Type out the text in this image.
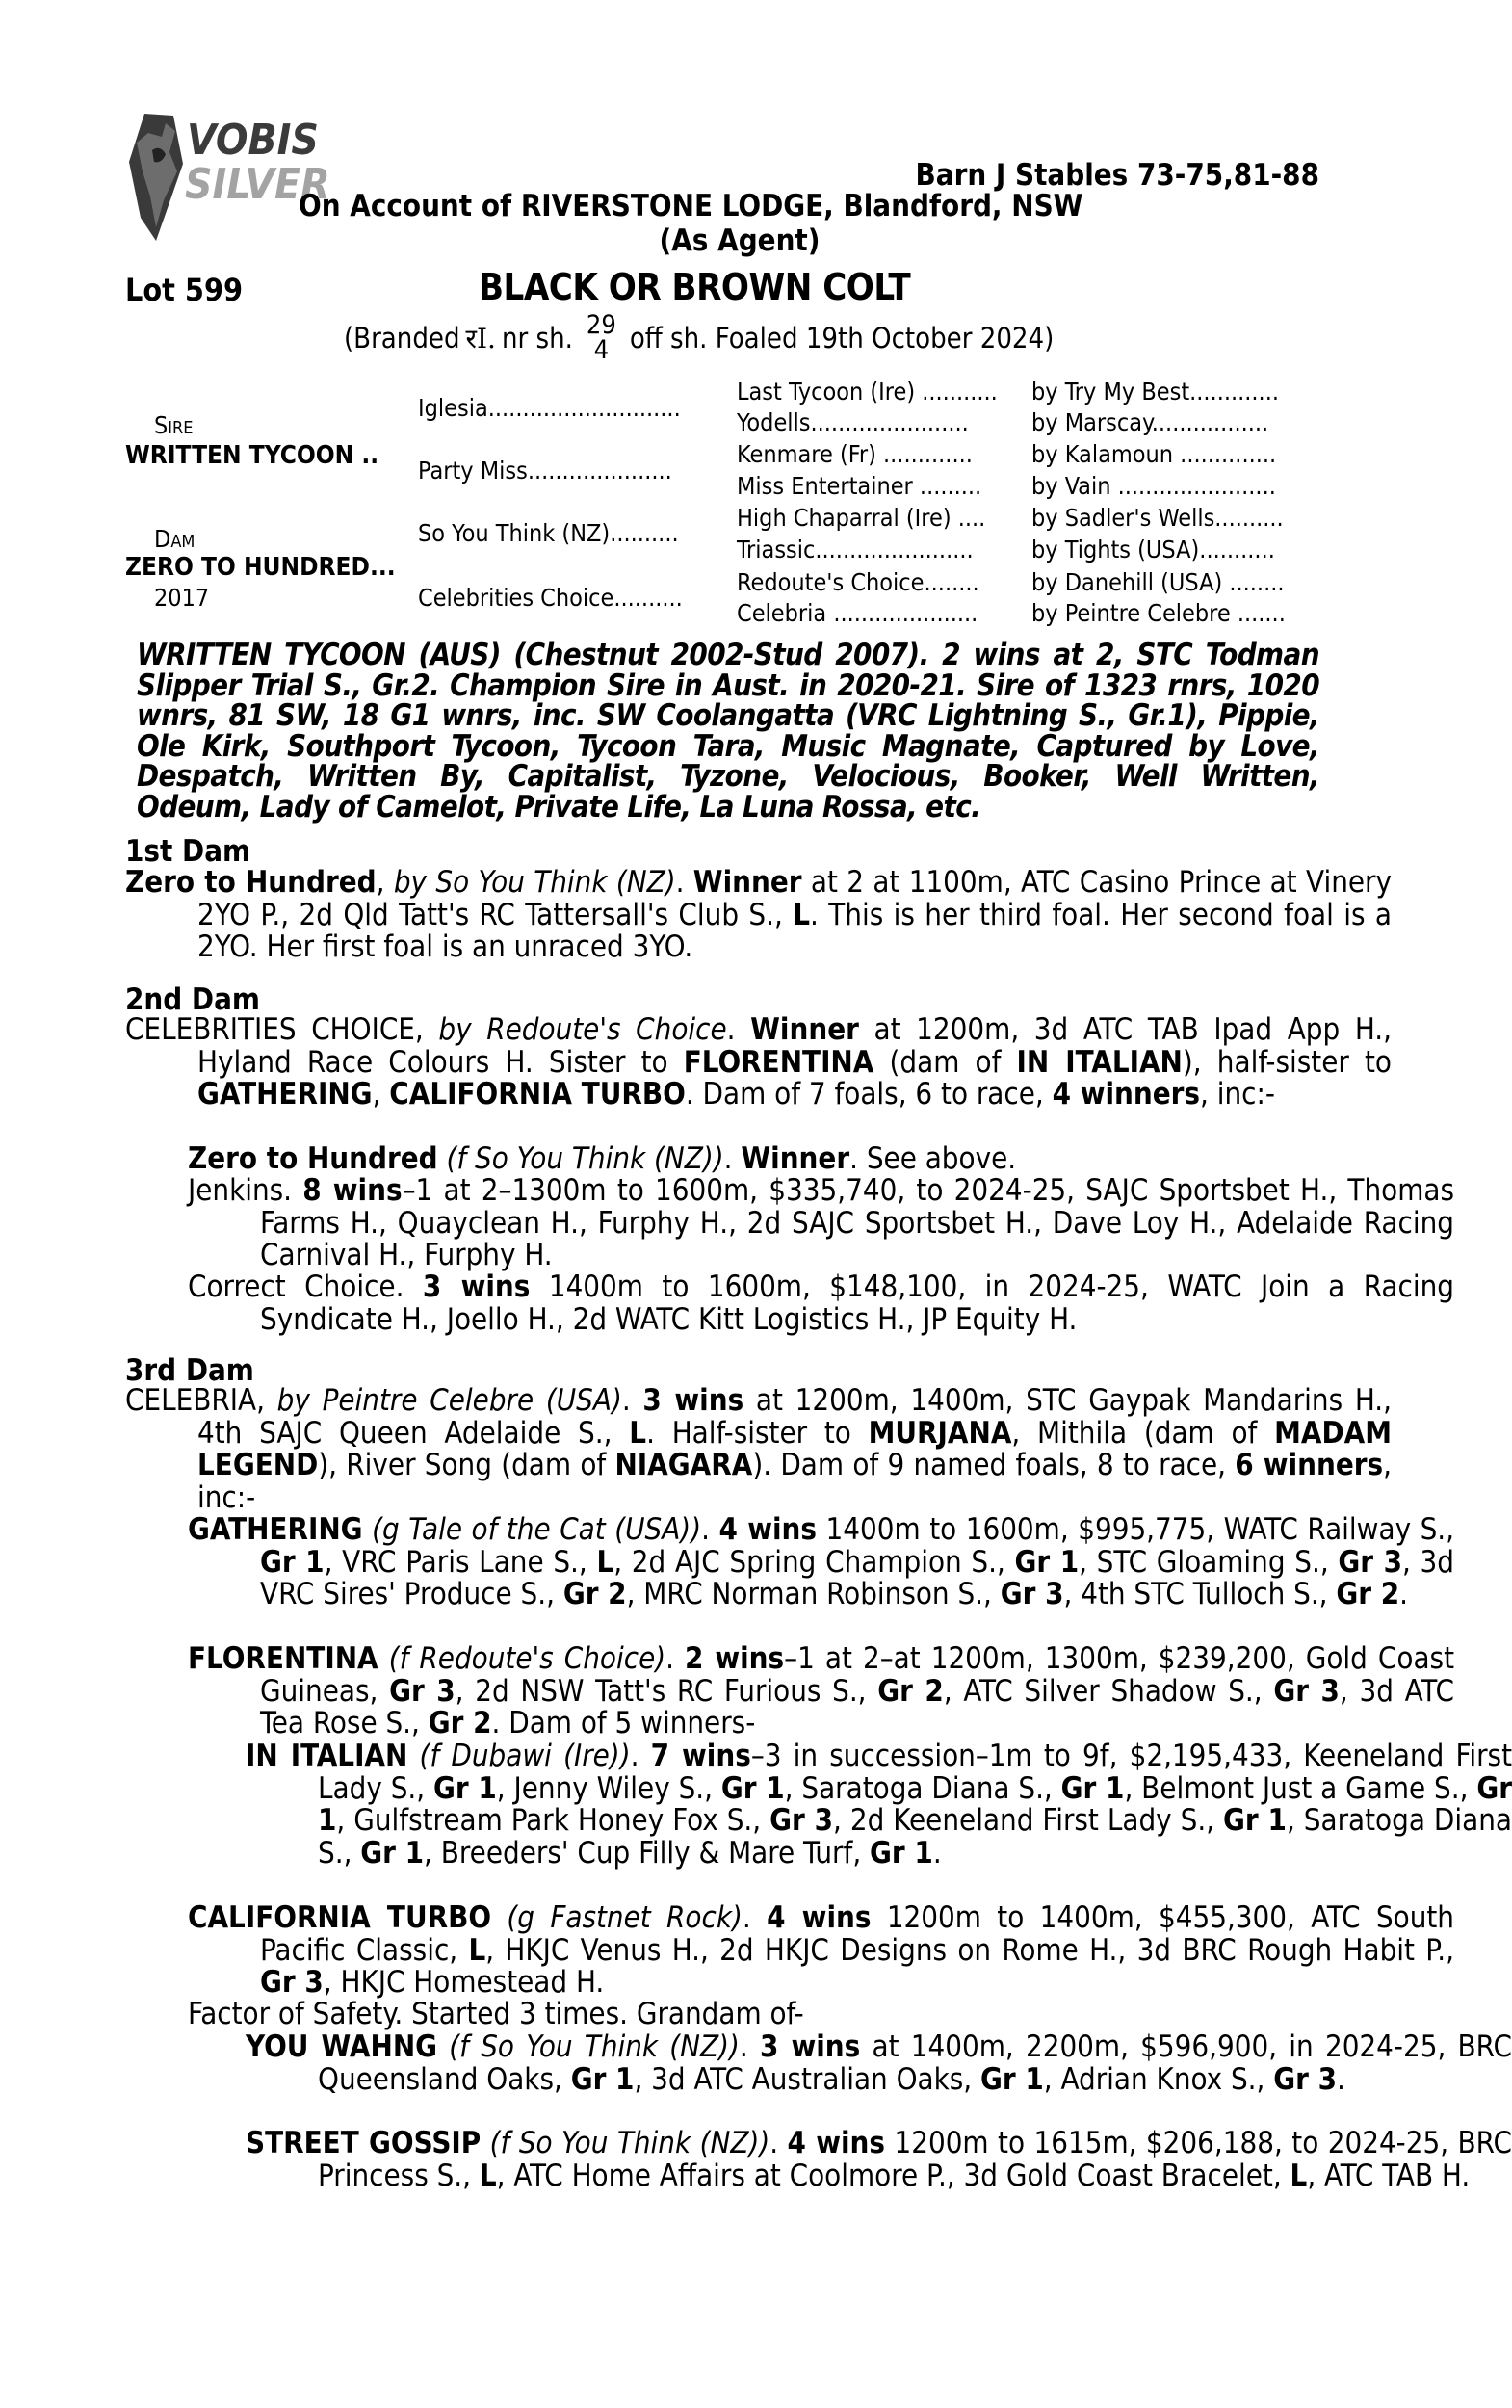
VOBIS
SILVER	Barn J Stables 73-75,81-88
On Account of RIVERSTONE LODGE, Blandford, NSW
(As Agent)
Lot 599	BLACK OR BROWN COLT
(Branded रI. nr sh. 29
4 off sh. Foaled 19th October 2024)
Sire
WRITTEN TYCOON ..
Dam
ZERO TO HUNDRED...
2017
Iglesia............................
Party Miss.....................
So You Think (NZ)..........
Celebrities Choice..........
Last Tycoon (Ire) ...........
Yodells.......................
Kenmare (Fr) .............
Miss Entertainer .........
High Chaparral (Ire) ....
Triassic.......................
Redoute's Choice........
Celebria .....................
by Try My Best.............
by Marscay.................
by Kalamoun ..............
by Vain .......................
by Sadler's Wells..........
by Tights (USA)...........
by Danehill (USA) ........
by Peintre Celebre .......
WRITTEN TYCOON (AUS) (Chestnut 2002-Stud 2007). 2 wins at 2, STC Todman Slipper Trial S., Gr.2. Champion Sire in Aust. in 2020-21. Sire of 1323 rnrs, 1020 wnrs, 81 SW, 18 G1 wnrs, inc. SW Coolangatta (VRC Lightning S., Gr.1), Pippie, Ole Kirk, Southport Tycoon, Tycoon Tara, Music Magnate, Captured by Love, Despatch, Written By, Capitalist, Tyzone, Velocious, Booker, Well Written, Odeum, Lady of Camelot, Private Life, La Luna Rossa, etc.
1st Dam
Zero to Hundred, by So You Think (NZ). Winner at 2 at 1100m, ATC Casino Prince at Vinery 2YO P., 2d Qld Tatt's RC Tattersall's Club S., L. This is her third foal. Her second foal is a 2YO. Her first foal is an unraced 3YO.
2nd Dam
CELEBRITIES CHOICE, by Redoute's Choice. Winner at 1200m, 3d ATC TAB Ipad App H., Hyland Race Colours H. Sister to FLORENTINA (dam of IN ITALIAN), half-sister to GATHERING, CALIFORNIA TURBO. Dam of 7 foals, 6 to race, 4 winners, inc:-
Zero to Hundred (f So You Think (NZ)). Winner. See above.
Jenkins. 8 wins–1 at 2–1300m to 1600m, $335,740, to 2024-25, SAJC Sportsbet H., Thomas Farms H., Quayclean H., Furphy H., 2d SAJC Sportsbet H., Dave Loy H., Adelaide Racing Carnival H., Furphy H.
Correct Choice. 3 wins 1400m to 1600m, $148,100, in 2024-25, WATC Join a Racing Syndicate H., Joello H., 2d WATC Kitt Logistics H., JP Equity H.
3rd Dam
CELEBRIA, by Peintre Celebre (USA). 3 wins at 1200m, 1400m, STC Gaypak Mandarins H., 4th SAJC Queen Adelaide S., L. Half-sister to MURJANA, Mithila (dam of MADAM LEGEND), River Song (dam of NIAGARA). Dam of 9 named foals, 8 to race, 6 winners, inc:-
GATHERING (g Tale of the Cat (USA)). 4 wins 1400m to 1600m, $995,775, WATC Railway S., Gr 1, VRC Paris Lane S., L, 2d AJC Spring Champion S., Gr 1, STC Gloaming S., Gr 3, 3d VRC Sires' Produce S., Gr 2, MRC Norman Robinson S., Gr 3, 4th STC Tulloch S., Gr 2.
FLORENTINA (f Redoute's Choice). 2 wins–1 at 2–at 1200m, 1300m, $239,200, Gold Coast Guineas, Gr 3, 2d NSW Tatt's RC Furious S., Gr 2, ATC Silver Shadow S., Gr 3, 3d ATC Tea Rose S., Gr 2. Dam of 5 winners-
IN ITALIAN (f Dubawi (Ire)). 7 wins–3 in succession–1m to 9f, $2,195,433, Keeneland First Lady S., Gr 1, Jenny Wiley S., Gr 1, Saratoga Diana S., Gr 1, Belmont Just a Game S., Gr 1, Gulfstream Park Honey Fox S., Gr 3, 2d Keeneland First Lady S., Gr 1, Saratoga Diana S., Gr 1, Breeders' Cup Filly & Mare Turf, Gr 1.
CALIFORNIA TURBO (g Fastnet Rock). 4 wins 1200m to 1400m, $455,300, ATC South Pacific Classic, L, HKJC Venus H., 2d HKJC Designs on Rome H., 3d BRC Rough Habit P., Gr 3, HKJC Homestead H.
Factor of Safety. Started 3 times. Grandam of-
YOU WAHNG (f So You Think (NZ)). 3 wins at 1400m, 2200m, $596,900, in 2024-25, BRC Queensland Oaks, Gr 1, 3d ATC Australian Oaks, Gr 1, Adrian Knox S., Gr 3.
STREET GOSSIP (f So You Think (NZ)). 4 wins 1200m to 1615m, $206,188, to 2024-25, BRC Princess S., L, ATC Home Affairs at Coolmore P., 3d Gold Coast Bracelet, L, ATC TAB H.
